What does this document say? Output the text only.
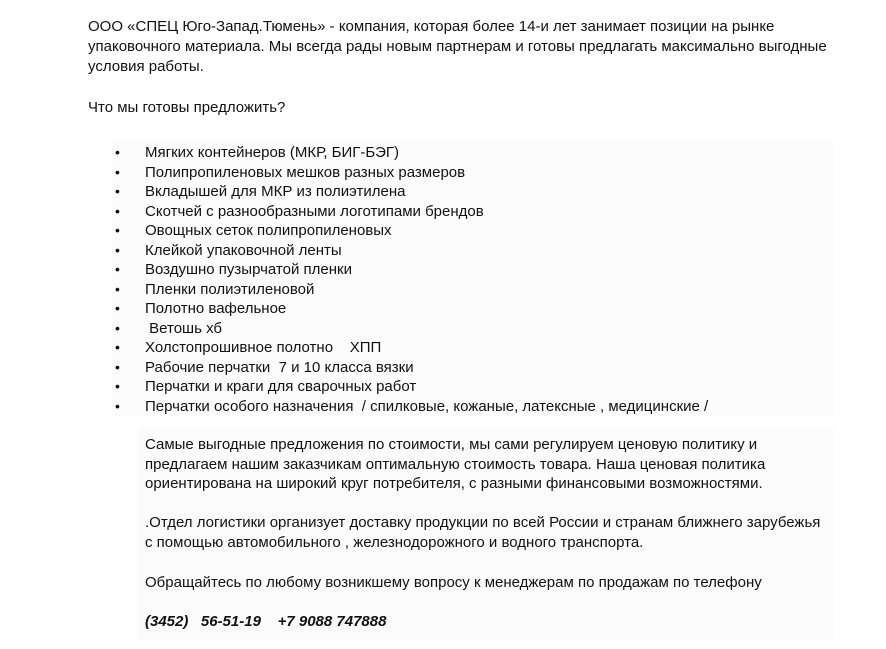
ООО «СПЕЦ Юго-Запад.Тюмень» - компания, которая более 14-и лет занимает позиции на рынке упаковочного материала. Мы всегда рады новым партнерам и готовы предлагать максимально выгодные условия работы.

Что мы готовы предложить?

• Мягких контейнеров (МКР, БИГ-БЭГ)
• Полипропиленовых мешков разных размеров
• Вкладышей для МКР из полиэтилена
• Скотчей с разнообразными логотипами брендов
• Овощных сеток полипропиленовых
• Клейкой упаковочной ленты
• Воздушно пузырчатой пленки
• Пленки полиэтиленовой
• Полотно вафельное
• Ветошь хб
• Холстопрошивное полотно    ХПП
• Рабочие перчатки  7 и 10 класса вязки
• Перчатки и краги для сварочных работ
• Перчатки особого назначения  / спилковые, кожаные, латексные , медицинские /

Самые выгодные предложения по стоимости, мы сами регулируем ценовую политику и предлагаем нашим заказчикам оптимальную стоимость товара. Наша ценовая политика ориентирована на широкий круг потребителя, с разными финансовыми возможностями.

.Отдел логистики организует доставку продукции по всей России и странам ближнего зарубежья с помощью автомобильного , железнодорожного и водного транспорта.

Обращайтесь по любому возникшему вопросу к менеджерам по продажам по телефону

(3452)   56-51-19    +7 9088 747888
